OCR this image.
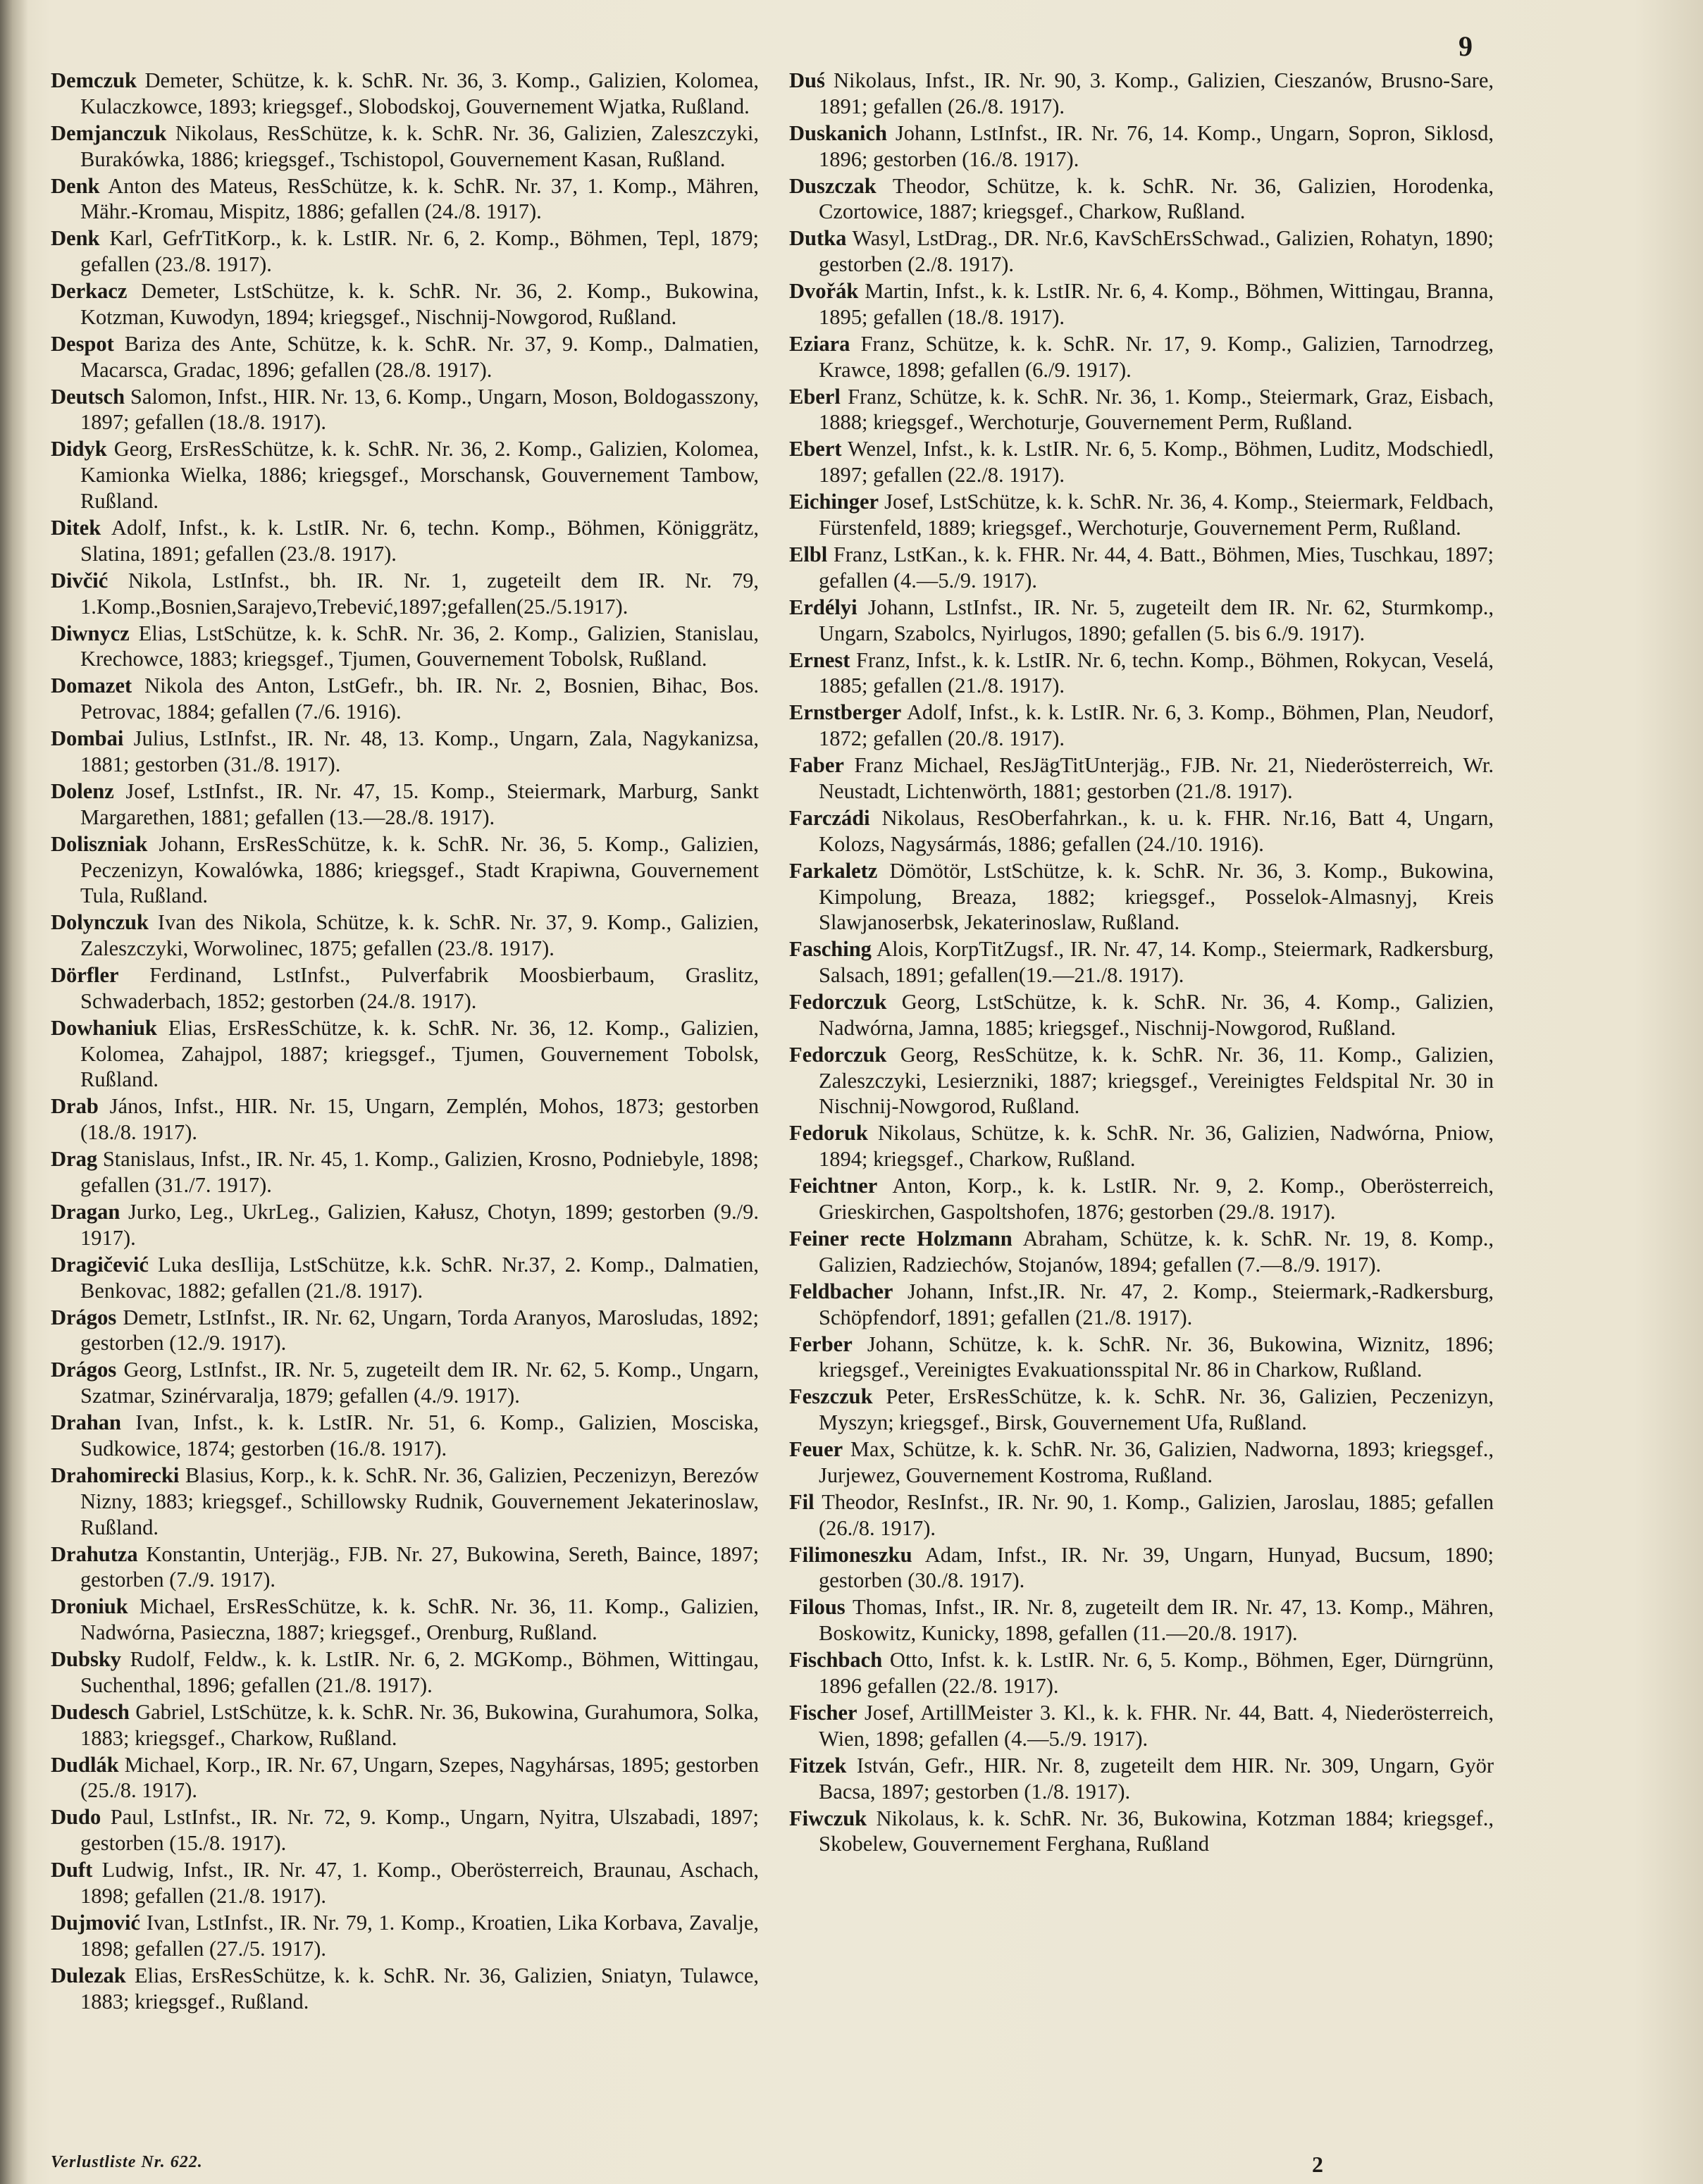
9

Demczuk Demeter, Schütze, k. k. SchR. Nr. 36, 3. Komp., Galizien, Kolomea, Kulaczkowce, 1893; kriegsgef., Slobodskoj, Gouvernement Wjatka, Rußland.

Demjanczuk Nikolaus, ResSchütze, k. k. SchR. Nr. 36, Galizien, Zaleszczyki, Burakówka, 1886; kriegsgef., Tschistopol, Gouvernement Kasan, Rußland.

Denk Anton des Mateus, ResSchütze, k. k. SchR. Nr. 37, 1. Komp., Mähren, Mähr.-Kromau, Mispitz, 1886; gefallen (24./8. 1917).

Denk Karl, GefrTitKorp., k. k. LstIR. Nr. 6, 2. Komp., Böhmen, Tepl, 1879; gefallen (23./8. 1917).

Derkacz Demeter, LstSchütze, k. k. SchR. Nr. 36, 2. Komp., Bukowina, Kotzman, Kuwodyn, 1894; kriegsgef., Nischnij-Nowgorod, Rußland.

Despot Bariza des Ante, Schütze, k. k. SchR. Nr. 37, 9. Komp., Dalmatien, Macarsca, Gradac, 1896; gefallen (28./8. 1917).

Deutsch Salomon, Infst., HIR. Nr. 13, 6. Komp., Ungarn, Moson, Boldogasszony, 1897; gefallen (18./8. 1917).

Didyk Georg, ErsResSchütze, k. k. SchR. Nr. 36, 2. Komp., Galizien, Kolomea, Kamionka Wielka, 1886; kriegsgef., Morschansk, Gouvernement Tambow, Rußland.

Ditek Adolf, Infst., k. k. LstIR. Nr. 6, techn. Komp., Böhmen, Königgrätz, Slatina, 1891; gefallen (23./8. 1917).

Divčić Nikola, LstInfst., bh. IR. Nr. 1, zugeteilt dem IR. Nr. 79, 1.Komp.,Bosnien,Sarajevo,Trebević,1897;gefallen(25./5.1917).

Diwnycz Elias, LstSchütze, k. k. SchR. Nr. 36, 2. Komp., Galizien, Stanislau, Krechowce, 1883; kriegsgef., Tjumen, Gouvernement Tobolsk, Rußland.

Domazet Nikola des Anton, LstGefr., bh. IR. Nr. 2, Bosnien, Bihac, Bos. Petrovac, 1884; gefallen (7./6. 1916).

Dombai Julius, LstInfst., IR. Nr. 48, 13. Komp., Ungarn, Zala, Nagykanizsa, 1881; gestorben (31./8. 1917).

Dolenz Josef, LstInfst., IR. Nr. 47, 15. Komp., Steiermark, Marburg, Sankt Margarethen, 1881; gefallen (13.—28./8. 1917).

Doliszniak Johann, ErsResSchütze, k. k. SchR. Nr. 36, 5. Komp., Galizien, Peczenizyn, Kowalówka, 1886; kriegsgef., Stadt Krapiwna, Gouvernement Tula, Rußland.

Dolynczuk Ivan des Nikola, Schütze, k. k. SchR. Nr. 37, 9. Komp., Galizien, Zaleszczyki, Worwolinec, 1875; gefallen (23./8. 1917).

Dörfler Ferdinand, LstInfst., Pulverfabrik Moosbierbaum, Graslitz, Schwaderbach, 1852; gestorben (24./8. 1917).

Dowhaniuk Elias, ErsResSchütze, k. k. SchR. Nr. 36, 12. Komp., Galizien, Kolomea, Zahajpol, 1887; kriegsgef., Tjumen, Gouvernement Tobolsk, Rußland.

Drab János, Infst., HIR. Nr. 15, Ungarn, Zemplén, Mohos, 1873; gestorben (18./8. 1917).

Drag Stanislaus, Infst., IR. Nr. 45, 1. Komp., Galizien, Krosno, Podniebyle, 1898; gefallen (31./7. 1917).

Dragan Jurko, Leg., UkrLeg., Galizien, Kałusz, Chotyn, 1899; gestorben (9./9. 1917).

Dragičević Luka desIlija, LstSchütze, k.k. SchR. Nr.37, 2. Komp., Dalmatien, Benkovac, 1882; gefallen (21./8. 1917).

Drágos Demetr, LstInfst., IR. Nr. 62, Ungarn, Torda Aranyos, Marosludas, 1892; gestorben (12./9. 1917).

Drágos Georg, LstInfst., IR. Nr. 5, zugeteilt dem IR. Nr. 62, 5. Komp., Ungarn, Szatmar, Szinérvaralja, 1879; gefallen (4./9. 1917).

Drahan Ivan, Infst., k. k. LstIR. Nr. 51, 6. Komp., Galizien, Mosciska, Sudkowice, 1874; gestorben (16./8. 1917).

Drahomirecki Blasius, Korp., k. k. SchR. Nr. 36, Galizien, Peczenizyn, Berezów Nizny, 1883; kriegsgef., Schillowsky Rudnik, Gouvernement Jekaterinoslaw, Rußland.

Drahutza Konstantin, Unterjäg., FJB. Nr. 27, Bukowina, Sereth, Baince, 1897; gestorben (7./9. 1917).

Droniuk Michael, ErsResSchütze, k. k. SchR. Nr. 36, 11. Komp., Galizien, Nadwórna, Pasieczna, 1887; kriegsgef., Orenburg, Rußland.

Dubsky Rudolf, Feldw., k. k. LstIR. Nr. 6, 2. MGKomp., Böhmen, Wittingau, Suchenthal, 1896; gefallen (21./8. 1917).

Dudesch Gabriel, LstSchütze, k. k. SchR. Nr. 36, Bukowina, Gurahumora, Solka, 1883; kriegsgef., Charkow, Rußland.

Dudlák Michael, Korp., IR. Nr. 67, Ungarn, Szepes, Nagyhársas, 1895; gestorben (25./8. 1917).

Dudo Paul, LstInfst., IR. Nr. 72, 9. Komp., Ungarn, Nyitra, Ulszabadi, 1897; gestorben (15./8. 1917).

Duft Ludwig, Infst., IR. Nr. 47, 1. Komp., Oberösterreich, Braunau, Aschach, 1898; gefallen (21./8. 1917).

Dujmović Ivan, LstInfst., IR. Nr. 79, 1. Komp., Kroatien, Lika Korbava, Zavalje, 1898; gefallen (27./5. 1917).

Dulezak Elias, ErsResSchütze, k. k. SchR. Nr. 36, Galizien, Sniatyn, Tulawce, 1883; kriegsgef., Rußland.

Duś Nikolaus, Infst., IR. Nr. 90, 3. Komp., Galizien, Cieszanów, Brusno-Sare, 1891; gefallen (26./8. 1917).

Duskanich Johann, LstInfst., IR. Nr. 76, 14. Komp., Ungarn, Sopron, Siklosd, 1896; gestorben (16./8. 1917).

Duszczak Theodor, Schütze, k. k. SchR. Nr. 36, Galizien, Horodenka, Czortowice, 1887; kriegsgef., Charkow, Rußland.

Dutka Wasyl, LstDrag., DR. Nr.6, KavSchErsSchwad., Galizien, Rohatyn, 1890; gestorben (2./8. 1917).

Dvořák Martin, Infst., k. k. LstIR. Nr. 6, 4. Komp., Böhmen, Wittingau, Branna, 1895; gefallen (18./8. 1917).

Eziara Franz, Schütze, k. k. SchR. Nr. 17, 9. Komp., Galizien, Tarnodrzeg, Krawce, 1898; gefallen (6./9. 1917).

Eberl Franz, Schütze, k. k. SchR. Nr. 36, 1. Komp., Steiermark, Graz, Eisbach, 1888; kriegsgef., Werchoturje, Gouvernement Perm, Rußland.

Ebert Wenzel, Infst., k. k. LstIR. Nr. 6, 5. Komp., Böhmen, Luditz, Modschiedl, 1897; gefallen (22./8. 1917).

Eichinger Josef, LstSchütze, k. k. SchR. Nr. 36, 4. Komp., Steiermark, Feldbach, Fürstenfeld, 1889; kriegsgef., Werchoturje, Gouvernement Perm, Rußland.

Elbl Franz, LstKan., k. k. FHR. Nr. 44, 4. Batt., Böhmen, Mies, Tuschkau, 1897; gefallen (4.—5./9. 1917).

Erdélyi Johann, LstInfst., IR. Nr. 5, zugeteilt dem IR. Nr. 62, Sturmkomp., Ungarn, Szabolcs, Nyirlugos, 1890; gefallen (5. bis 6./9. 1917).

Ernest Franz, Infst., k. k. LstIR. Nr. 6, techn. Komp., Böhmen, Rokycan, Veselá, 1885; gefallen (21./8. 1917).

Ernstberger Adolf, Infst., k. k. LstIR. Nr. 6, 3. Komp., Böhmen, Plan, Neudorf, 1872; gefallen (20./8. 1917).

Faber Franz Michael, ResJägTitUnterjäg., FJB. Nr. 21, Niederösterreich, Wr. Neustadt, Lichtenwörth, 1881; gestorben (21./8. 1917).

Farczádi Nikolaus, ResOberfahrkan., k. u. k. FHR. Nr.16, Batt 4, Ungarn, Kolozs, Nagysármás, 1886; gefallen (24./10. 1916).

Farkaletz Dömötör, LstSchütze, k. k. SchR. Nr. 36, 3. Komp., Bukowina, Kimpolung, Breaza, 1882; kriegsgef., Posselok-Almasnyj, Kreis Slawjanoserbsk, Jekaterinoslaw, Rußland.

Fasching Alois, KorpTitZugsf., IR. Nr. 47, 14. Komp., Steiermark, Radkersburg, Salsach, 1891; gefallen(19.—21./8. 1917).

Fedorczuk Georg, LstSchütze, k. k. SchR. Nr. 36, 4. Komp., Galizien, Nadwórna, Jamna, 1885; kriegsgef., Nischnij-Nowgorod, Rußland.

Fedorczuk Georg, ResSchütze, k. k. SchR. Nr. 36, 11. Komp., Galizien, Zaleszczyki, Lesierzniki, 1887; kriegsgef., Vereinigtes Feldspital Nr. 30 in Nischnij-Nowgorod, Rußland.

Fedoruk Nikolaus, Schütze, k. k. SchR. Nr. 36, Galizien, Nadwórna, Pniow, 1894; kriegsgef., Charkow, Rußland.

Feichtner Anton, Korp., k. k. LstIR. Nr. 9, 2. Komp., Oberösterreich, Grieskirchen, Gaspoltshofen, 1876; gestorben (29./8. 1917).

Feiner recte Holzmann Abraham, Schütze, k. k. SchR. Nr. 19, 8. Komp., Galizien, Radziechów, Stojanów, 1894; gefallen (7.—8./9. 1917).

Feldbacher Johann, Infst.,IR. Nr. 47, 2. Komp., Steiermark,-Radkersburg, Schöpfendorf, 1891; gefallen (21./8. 1917).

Ferber Johann, Schütze, k. k. SchR. Nr. 36, Bukowina, Wiznitz, 1896; kriegsgef., Vereinigtes Evakuationsspital Nr. 86 in Charkow, Rußland.

Feszczuk Peter, ErsResSchütze, k. k. SchR. Nr. 36, Galizien, Peczenizyn, Myszyn; kriegsgef., Birsk, Gouvernement Ufa, Rußland.

Feuer Max, Schütze, k. k. SchR. Nr. 36, Galizien, Nadworna, 1893; kriegsgef., Jurjewez, Gouvernement Kostroma, Rußland.

Fil Theodor, ResInfst., IR. Nr. 90, 1. Komp., Galizien, Jaroslau, 1885; gefallen (26./8. 1917).

Filimoneszku Adam, Infst., IR. Nr. 39, Ungarn, Hunyad, Bucsum, 1890; gestorben (30./8. 1917).

Filous Thomas, Infst., IR. Nr. 8, zugeteilt dem IR. Nr. 47, 13. Komp., Mähren, Boskowitz, Kunicky, 1898, gefallen (11.—20./8. 1917).

Fischbach Otto, Infst. k. k. LstIR. Nr. 6, 5. Komp., Böhmen, Eger, Dürngrünn, 1896 gefallen (22./8. 1917).

Fischer Josef, ArtillMeister 3. Kl., k. k. FHR. Nr. 44, Batt. 4, Niederösterreich, Wien, 1898; gefallen (4.—5./9. 1917).

Fitzek István, Gefr., HIR. Nr. 8, zugeteilt dem HIR. Nr. 309, Ungarn, Györ Bacsa, 1897; gestorben (1./8. 1917).

Fiwczuk Nikolaus, k. k. SchR. Nr. 36, Bukowina, Kotzman 1884; kriegsgef., Skobelew, Gouvernement Ferghana, Rußland

Verlustliste Nr. 622.	2
